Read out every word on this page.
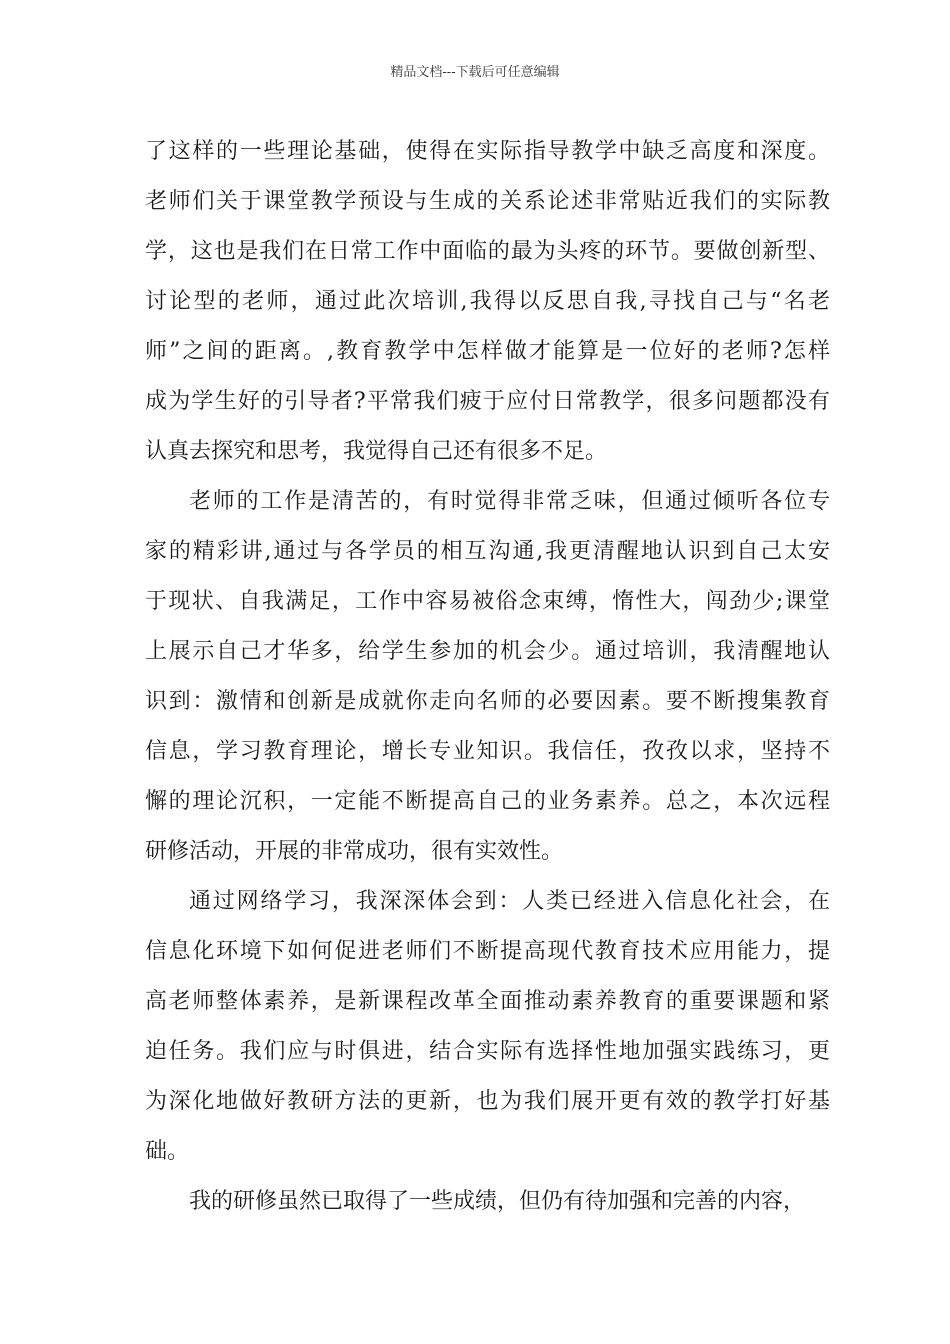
精品文档---下载后可任意编辑
了这样的一些理论基础，使得在实际指导教学中缺乏高度和深度。
老师们关于课堂教学预设与生成的关系论述非常贴近我们的实际教
学，这也是我们在日常工作中面临的最为头疼的环节。要做创新型、
讨论型的老师，通过此次培训,我得以反思自我,寻找自己与“名老
师”之间的距离。,教育教学中怎样做才能算是一位好的老师?怎样
成为学生好的引导者?平常我们疲于应付日常教学，很多问题都没有
认真去探究和思考，我觉得自己还有很多不足。
老师的工作是清苦的，有时觉得非常乏味，但通过倾听各位专
家的精彩讲,通过与各学员的相互沟通,我更清醒地认识到自己太安
于现状、自我满足，工作中容易被俗念束缚，惰性大，闯劲少;课堂
上展示自己才华多，给学生参加的机会少。通过培训，我清醒地认
识到：激情和创新是成就你走向名师的必要因素。要不断搜集教育
信息，学习教育理论，增长专业知识。我信任，孜孜以求，坚持不
懈的理论沉积，一定能不断提高自己的业务素养。总之，本次远程
研修活动，开展的非常成功，很有实效性。
通过网络学习，我深深体会到：人类已经进入信息化社会，在
信息化环境下如何促进老师们不断提高现代教育技术应用能力，提
高老师整体素养，是新课程改革全面推动素养教育的重要课题和紧
迫任务。我们应与时俱进，结合实际有选择性地加强实践练习，更
为深化地做好教研方法的更新，也为我们展开更有效的教学打好基
础。
我的研修虽然已取得了一些成绩，但仍有待加强和完善的内容，
